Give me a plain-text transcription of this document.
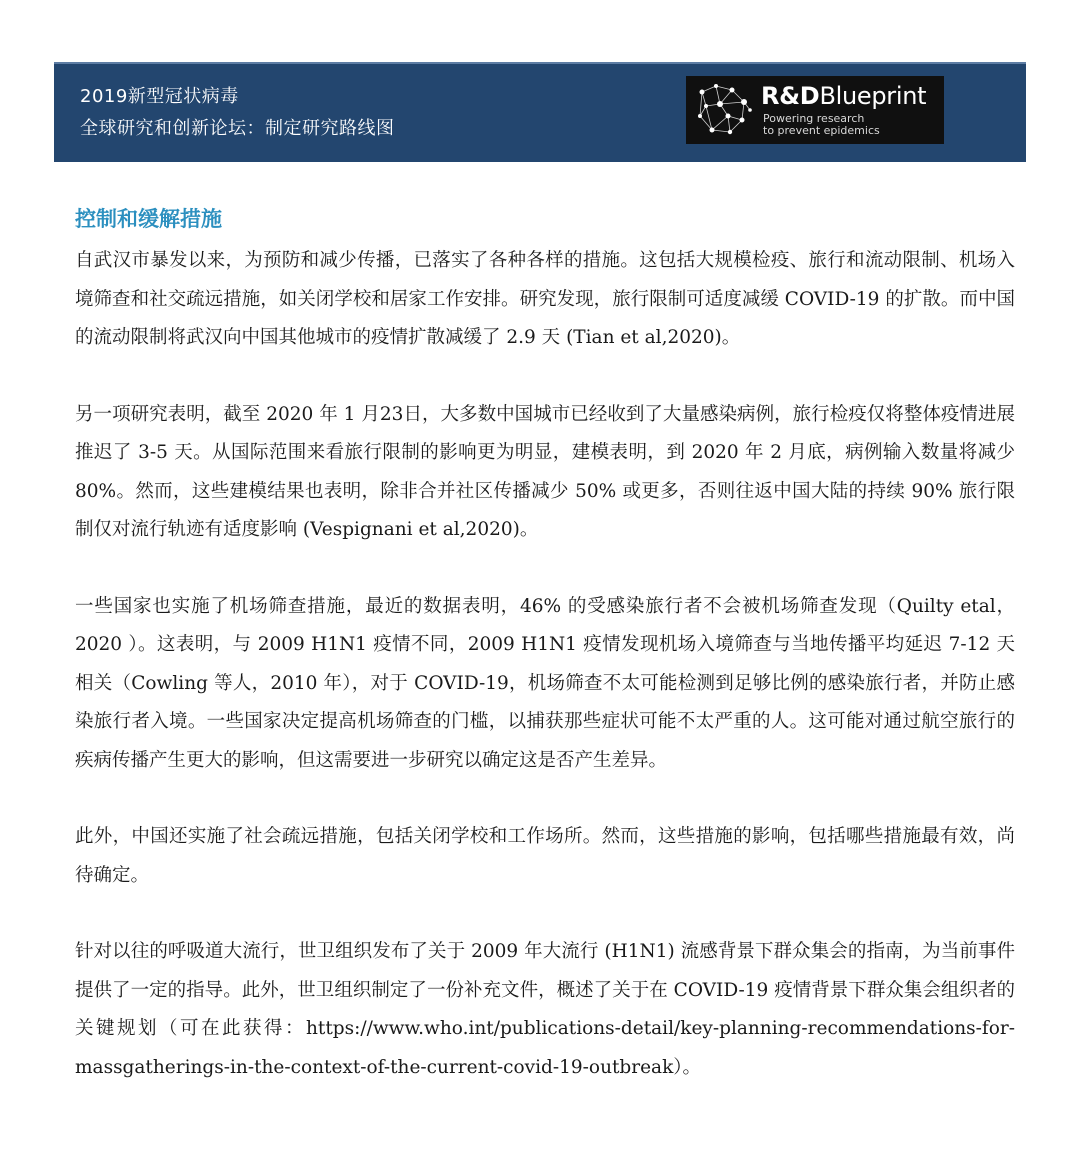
2019新型冠状病毒
全球研究和创新论坛：制定研究路线图
R&DBlueprint
Powering research
to prevent epidemics
控制和缓解措施

自武汉市暴发以来，为预防和减少传播，已落实了各种各样的措施。这包括大规模检疫、旅行和流动限制、机场入境筛查和社交疏远措施，如关闭学校和居家工作安排。研究发现，旅行限制可适度减缓 COVID-19 的扩散。而中国的流动限制将武汉向中国其他城市的疫情扩散减缓了 2.9 天 (Tian et al,2020)。

另一项研究表明，截至 2020 年 1 月23日，大多数中国城市已经收到了大量感染病例，旅行检疫仅将整体疫情进展推迟了 3-5 天。从国际范围来看旅行限制的影响更为明显，建模表明，到 2020 年 2 月底，病例输入数量将减少 80%。然而，这些建模结果也表明，除非合并社区传播减少 50% 或更多，否则往返中国大陆的持续 90% 旅行限制仅对流行轨迹有适度影响 (Vespignani et al,2020)。

一些国家也实施了机场筛查措施，最近的数据表明，46% 的受感染旅行者不会被机场筛查发现（Quilty etal，2020 ）。这表明，与 2009 H1N1 疫情不同，2009 H1N1 疫情发现机场入境筛查与当地传播平均延迟 7-12 天相关（Cowling 等人，2010 年），对于 COVID-19，机场筛查不太可能检测到足够比例的感染旅行者，并防止感染旅行者入境。一些国家决定提高机场筛查的门槛，以捕获那些症状可能不太严重的人。这可能对通过航空旅行的疾病传播产生更大的影响，但这需要进一步研究以确定这是否产生差异。

此外，中国还实施了社会疏远措施，包括关闭学校和工作场所。然而，这些措施的影响，包括哪些措施最有效，尚待确定。

针对以往的呼吸道大流行，世卫组织发布了关于 2009 年大流行 (H1N1) 流感背景下群众集会的指南，为当前事件提供了一定的指导。此外，世卫组织制定了一份补充文件，概述了关于在 COVID-19 疫情背景下群众集会组织者的关键规划（可在此获得：https://www.who.int/publications-detail/key-planning-recommendations-for-massgatherings-in-the-context-of-the-current-covid-19-outbreak）。
